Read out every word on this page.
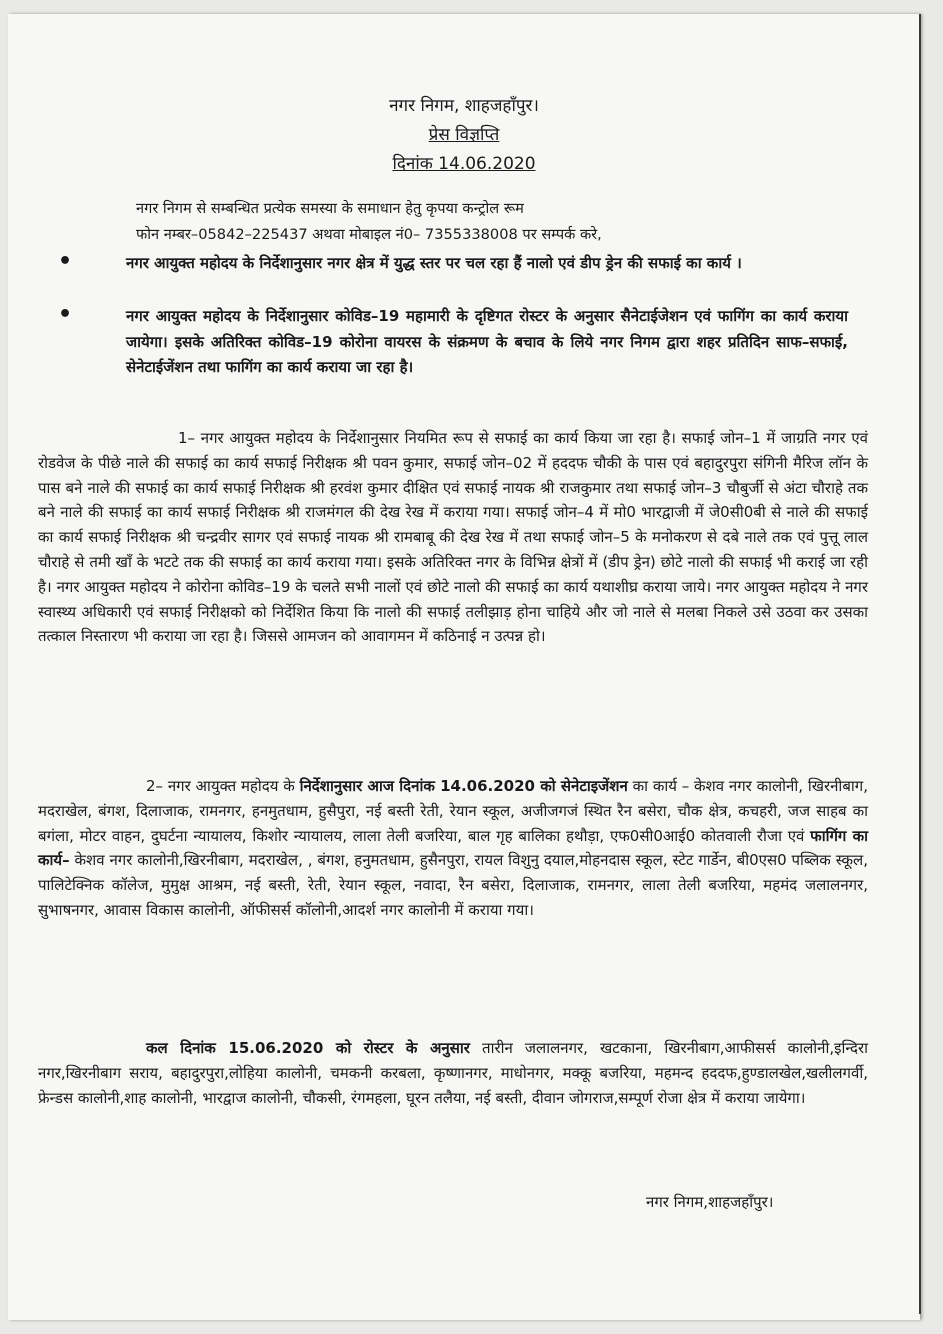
नगर निगम, शाहजहाँपुर।
प्रेस विज्ञप्ति
दिनांक 14.06.2020
नगर निगम से सम्बन्धित प्रत्येक समस्या के समाधान हेतु कृपया कन्ट्रोल रूम
फोन नम्बर–05842–225437 अथवा मोबाइल नं0– 7355338008 पर सम्पर्क करे,
•	नगर आयुक्त महोदय के निर्देशानुसार नगर क्षेत्र में युद्ध स्तर पर चल रहा हैं नालो एवं डीप ड्रेन की सफाई का कार्य ।
•	नगर आयुक्त महोदय के निर्देशानुसार कोविड–19 महामारी के दृष्टिगत रोस्टर के अनुसार सैनेटाईजेशन एवं फागिंग का कार्य कराया जायेगा। इसके अतिरिक्त कोविड–19 कोरोना वायरस के संक्रमण के बचाव के लिये नगर निगम द्वारा शहर प्रतिदिन साफ–सफाई, सेनेटाईजेंशन तथा फागिंग का कार्य कराया जा रहा है।
1– नगर आयुक्त महोदय के निर्देशानुसार नियमित रूप से सफाई का कार्य किया जा रहा है। सफाई जोन–1 में जाग्रति नगर एवं रोडवेज के पीछे नाले की सफाई का कार्य सफाई निरीक्षक श्री पवन कुमार, सफाई जोन–02 में हददफ चौकी के पास एवं बहादुरपुरा संगिनी मैरिज लॉन के पास बने नाले की सफाई का कार्य सफाई निरीक्षक श्री हरवंश कुमार दीक्षित एवं सफाई नायक श्री राजकुमार तथा सफाई जोन–3 चौबुर्जी से अंटा चौराहे तक बने नाले की सफाई का कार्य सफाई निरीक्षक श्री राजमंगल की देख रेख में कराया गया। सफाई जोन–4 में मो0 भारद्वाजी में जे0सी0बी से नाले की सफाई का कार्य सफाई निरीक्षक श्री चन्द्रवीर सागर एवं सफाई नायक श्री रामबाबू की देख रेख में तथा सफाई जोन–5 के मनोकरण से दबे नाले तक एवं पुत्तू लाल चौराहे से तमी खाँ के भटटे तक की सफाई का कार्य कराया गया। इसके अतिरिक्त नगर के विभिन्न क्षेत्रों में (डीप ड्रेन) छोटे नालो की सफाई भी कराई जा रही है। नगर आयुक्त महोदय ने कोरोना कोविड–19 के चलते सभी नालों एवं छोटे नालो की सफाई का कार्य यथाशीघ्र कराया जाये। नगर आयुक्त महोदय ने नगर स्वास्थ्य अधिकारी एवं सफाई निरीक्षको को निर्देशित किया कि नालो की सफाई तलीझाड़ होना चाहिये और जो नाले से मलबा निकले उसे उठवा कर उसका तत्काल निस्तारण भी कराया जा रहा है। जिससे आमजन को आवागमन में कठिनाई न उत्पन्न हो।
2– नगर आयुक्त महोदय के निर्देशानुसार आज दिनांक 14.06.2020 को सेनेटाइजेंशन का कार्य – केशव नगर कालोनी, खिरनीबाग, मदराखेल, बंगश, दिलाजाक, रामनगर, हनमुतधाम, हुसैपुरा, नई बस्ती रेती, रेयान स्कूल, अजीजगजं स्थित रैन बसेरा, चौक क्षेत्र, कचहरी, जज साहब का बगंला, मोटर वाहन, दुघर्टना न्यायालय, किशोर न्यायालय, लाला तेली बजरिया, बाल गृह बालिका हथौड़ा, एफ0सी0आई0 कोतवाली रौजा एवं फागिंग का कार्य– केशव नगर कालोनी,खिरनीबाग, मदराखेल, , बंगश, हनुमतधाम, हुसैनपुरा, रायल विशुनु दयाल,मोहनदास स्कूल, स्टेट गार्डेन, बी0एस0 पब्लिक स्कूल, पालिटेक्निक कॉलेज, मुमुक्ष आश्रम, नई बस्ती, रेती, रेयान स्कूल, नवादा, रैन बसेरा, दिलाजाक, रामनगर, लाला तेली बजरिया, महमंद जलालनगर, सुभाषनगर, आवास विकास कालोनी, ऑफीसर्स कॉलोनी,आदर्श नगर कालोनी में कराया गया।
कल दिनांक 15.06.2020 को रोस्टर के अनुसार तारीन जलालनगर, खटकाना, खिरनीबाग,आफीसर्स कालोनी,इन्दिरा नगर,खिरनीबाग सराय, बहादुरपुरा,लोहिया कालोनी, चमकनी करबला, कृष्णानगर, माधोनगर, मक्कू बजरिया, महमन्द हददफ,हुण्डालखेल,खलीलगर्वी, फ्रेन्डस कालोनी,शाह कालोनी, भारद्वाज कालोनी, चौकसी, रंगमहला, घूरन तलैया, नई बस्ती, दीवान जोगराज,सम्पूर्ण रोजा क्षेत्र में कराया जायेगा।
नगर निगम,शाहजहाँपुर।
